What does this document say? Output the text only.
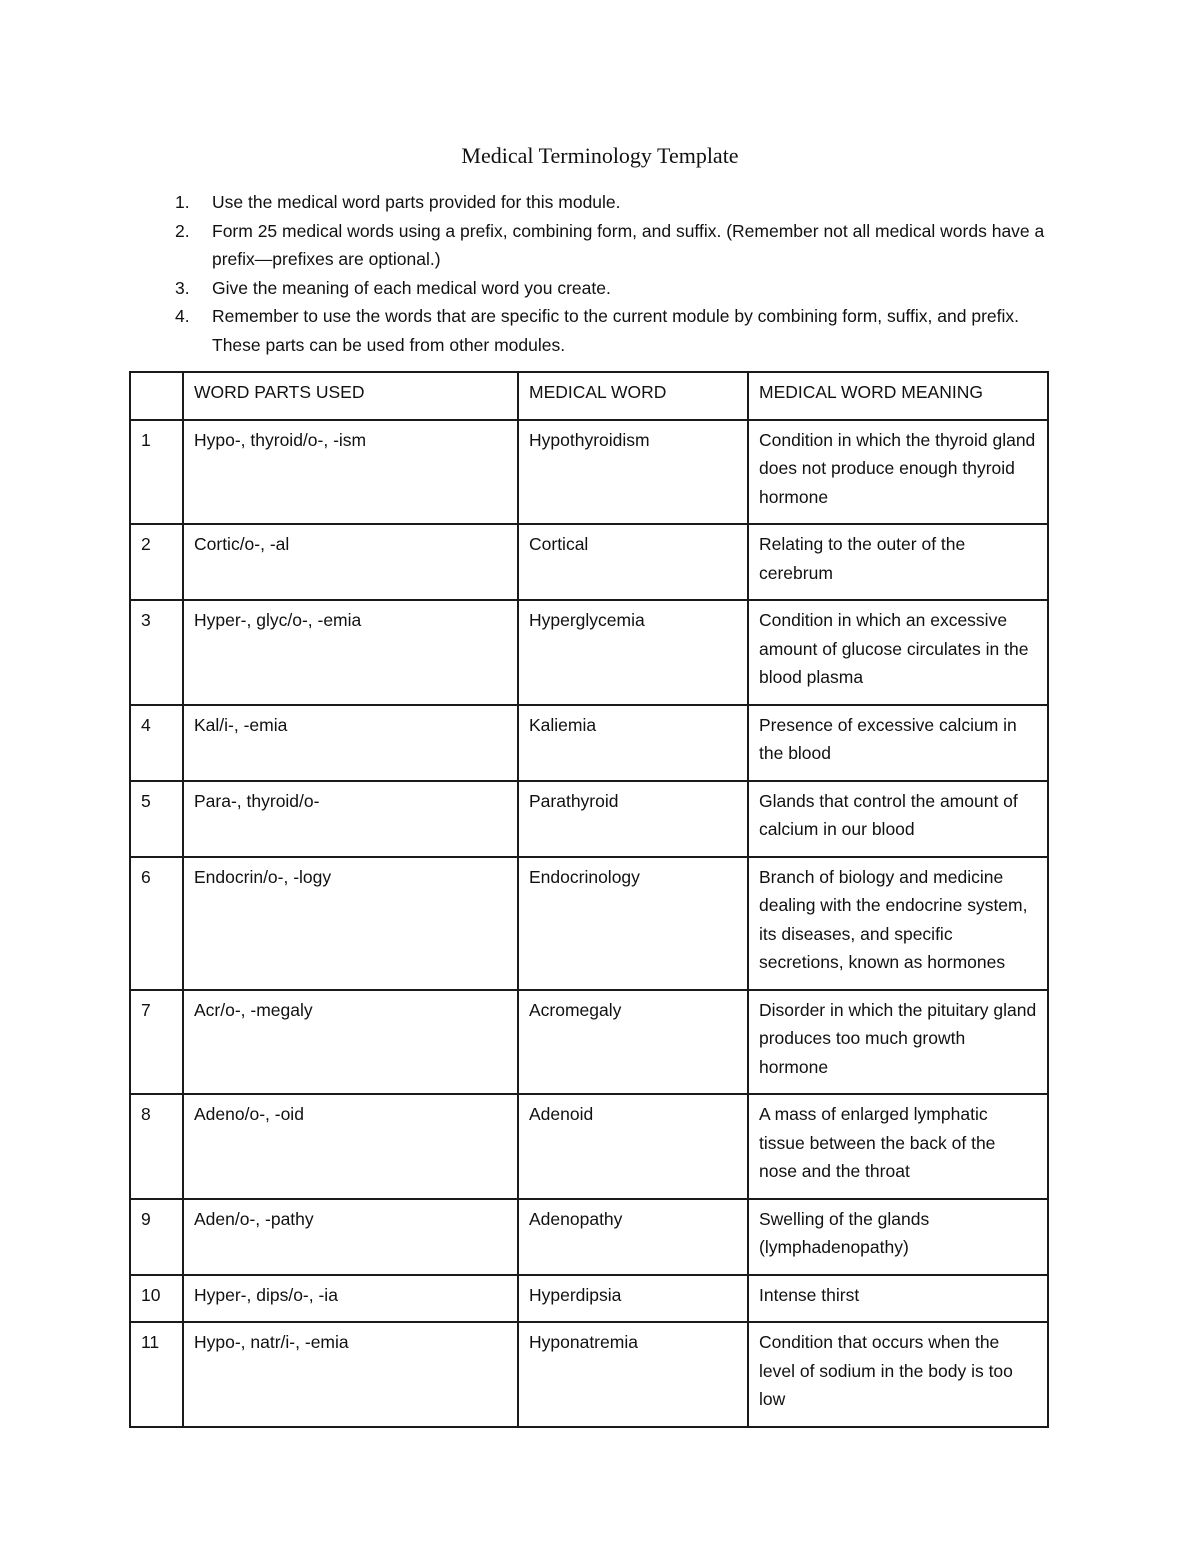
Medical Terminology Template
1. Use the medical word parts provided for this module.
2. Form 25 medical words using a prefix, combining form, and suffix. (Remember not all medical words have a prefix—prefixes are optional.)
3. Give the meaning of each medical word you create.
4. Remember to use the words that are specific to the current module by combining form, suffix, and prefix. These parts can be used from other modules.
	WORD PARTS USED	MEDICAL WORD	MEDICAL WORD MEANING
1	Hypo-, thyroid/o-, -ism	Hypothyroidism	Condition in which the thyroid gland does not produce enough thyroid hormone
2	Cortic/o-, -al	Cortical	Relating to the outer of the cerebrum
3	Hyper-, glyc/o-, -emia	Hyperglycemia	Condition in which an excessive amount of glucose circulates in the blood plasma
4	Kal/i-, -emia	Kaliemia	Presence of excessive calcium in the blood
5	Para-, thyroid/o-	Parathyroid	Glands that control the amount of calcium in our blood
6	Endocrin/o-, -logy	Endocrinology	Branch of biology and medicine dealing with the endocrine system, its diseases, and specific secretions, known as hormones
7	Acr/o-, -megaly	Acromegaly	Disorder in which the pituitary gland produces too much growth hormone
8	Adeno/o-, -oid	Adenoid	A mass of enlarged lymphatic tissue between the back of the nose and the throat
9	Aden/o-, -pathy	Adenopathy	Swelling of the glands (lymphadenopathy)
10	Hyper-, dips/o-, -ia	Hyperdipsia	Intense thirst
11	Hypo-, natr/i-, -emia	Hyponatremia	Condition that occurs when the level of sodium in the body is too low
